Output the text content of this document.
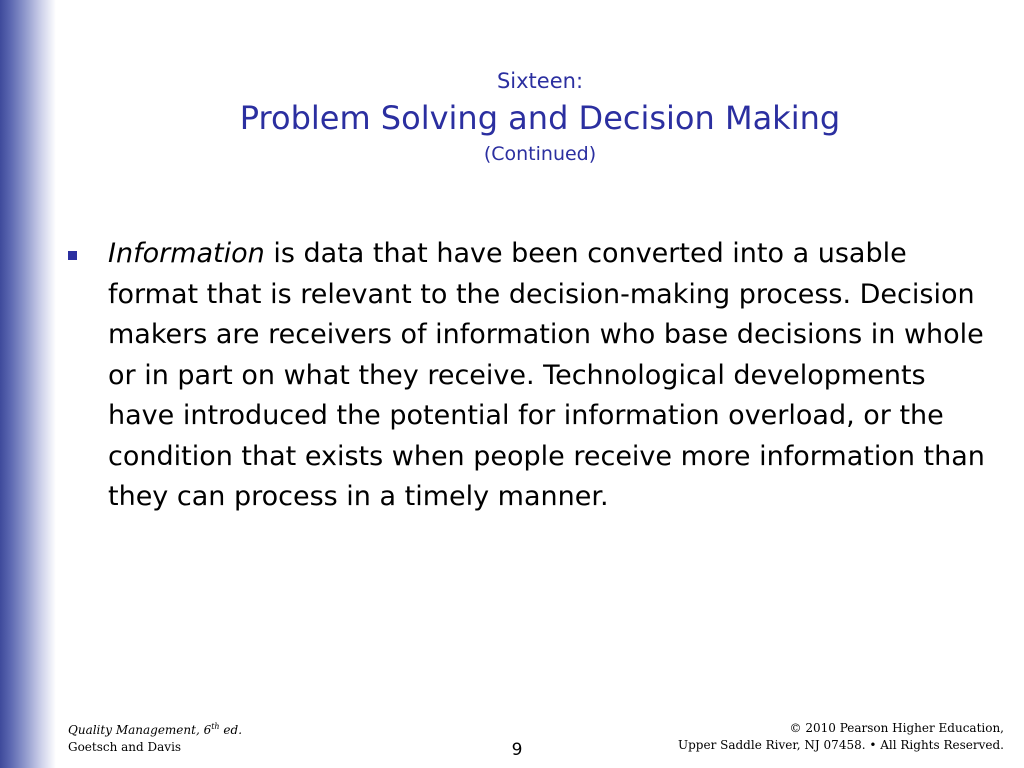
Sixteen:
Problem Solving and Decision Making
(Continued)
Information is data that have been converted into a usable format that is relevant to the decision-making process. Decision makers are receivers of information who base decisions in whole or in part on what they receive. Technological developments have introduced the potential for information overload, or the condition that exists when people receive more information than they can process in a timely manner.
Quality Management, 6th ed.
Goetsch and Davis	9
© 2010 Pearson Higher Education,
Upper Saddle River, NJ 07458. • All Rights Reserved.
